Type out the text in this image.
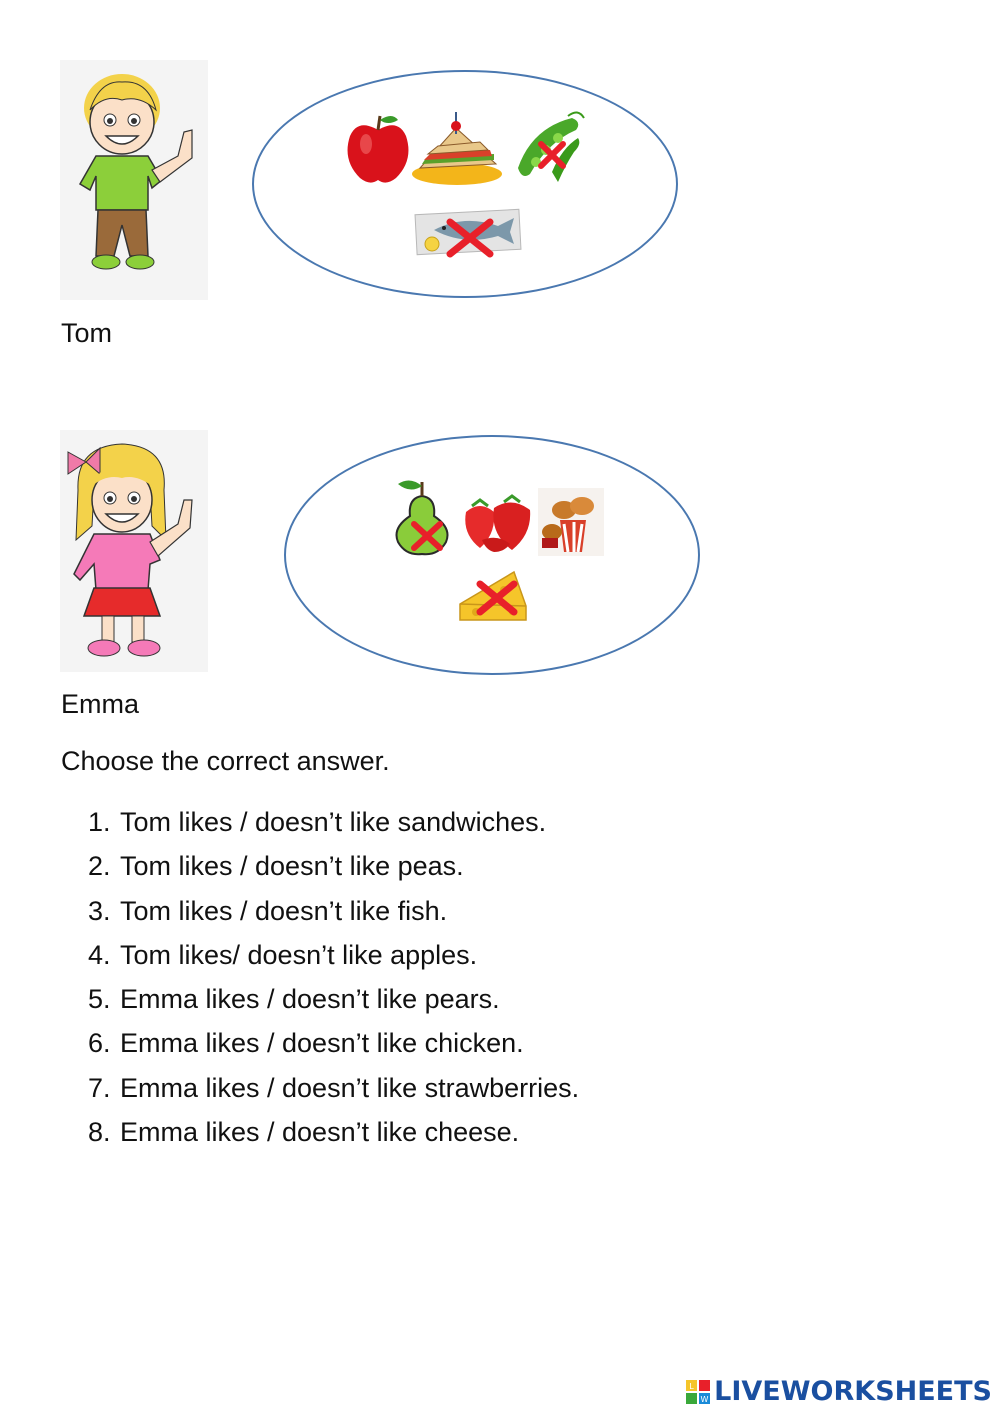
Tom
Emma
Choose the correct answer.
1. Tom likes / doesn’t like sandwiches.
2. Tom likes / doesn’t like peas.
3. Tom likes / doesn’t like fish.
4. Tom likes/ doesn’t like apples.
5. Emma likes / doesn’t like pears.
6. Emma likes / doesn’t like chicken.
7. Emma likes / doesn’t like strawberries.
8. Emma likes / doesn’t like cheese.
L
W LIVEWORKSHEETS
